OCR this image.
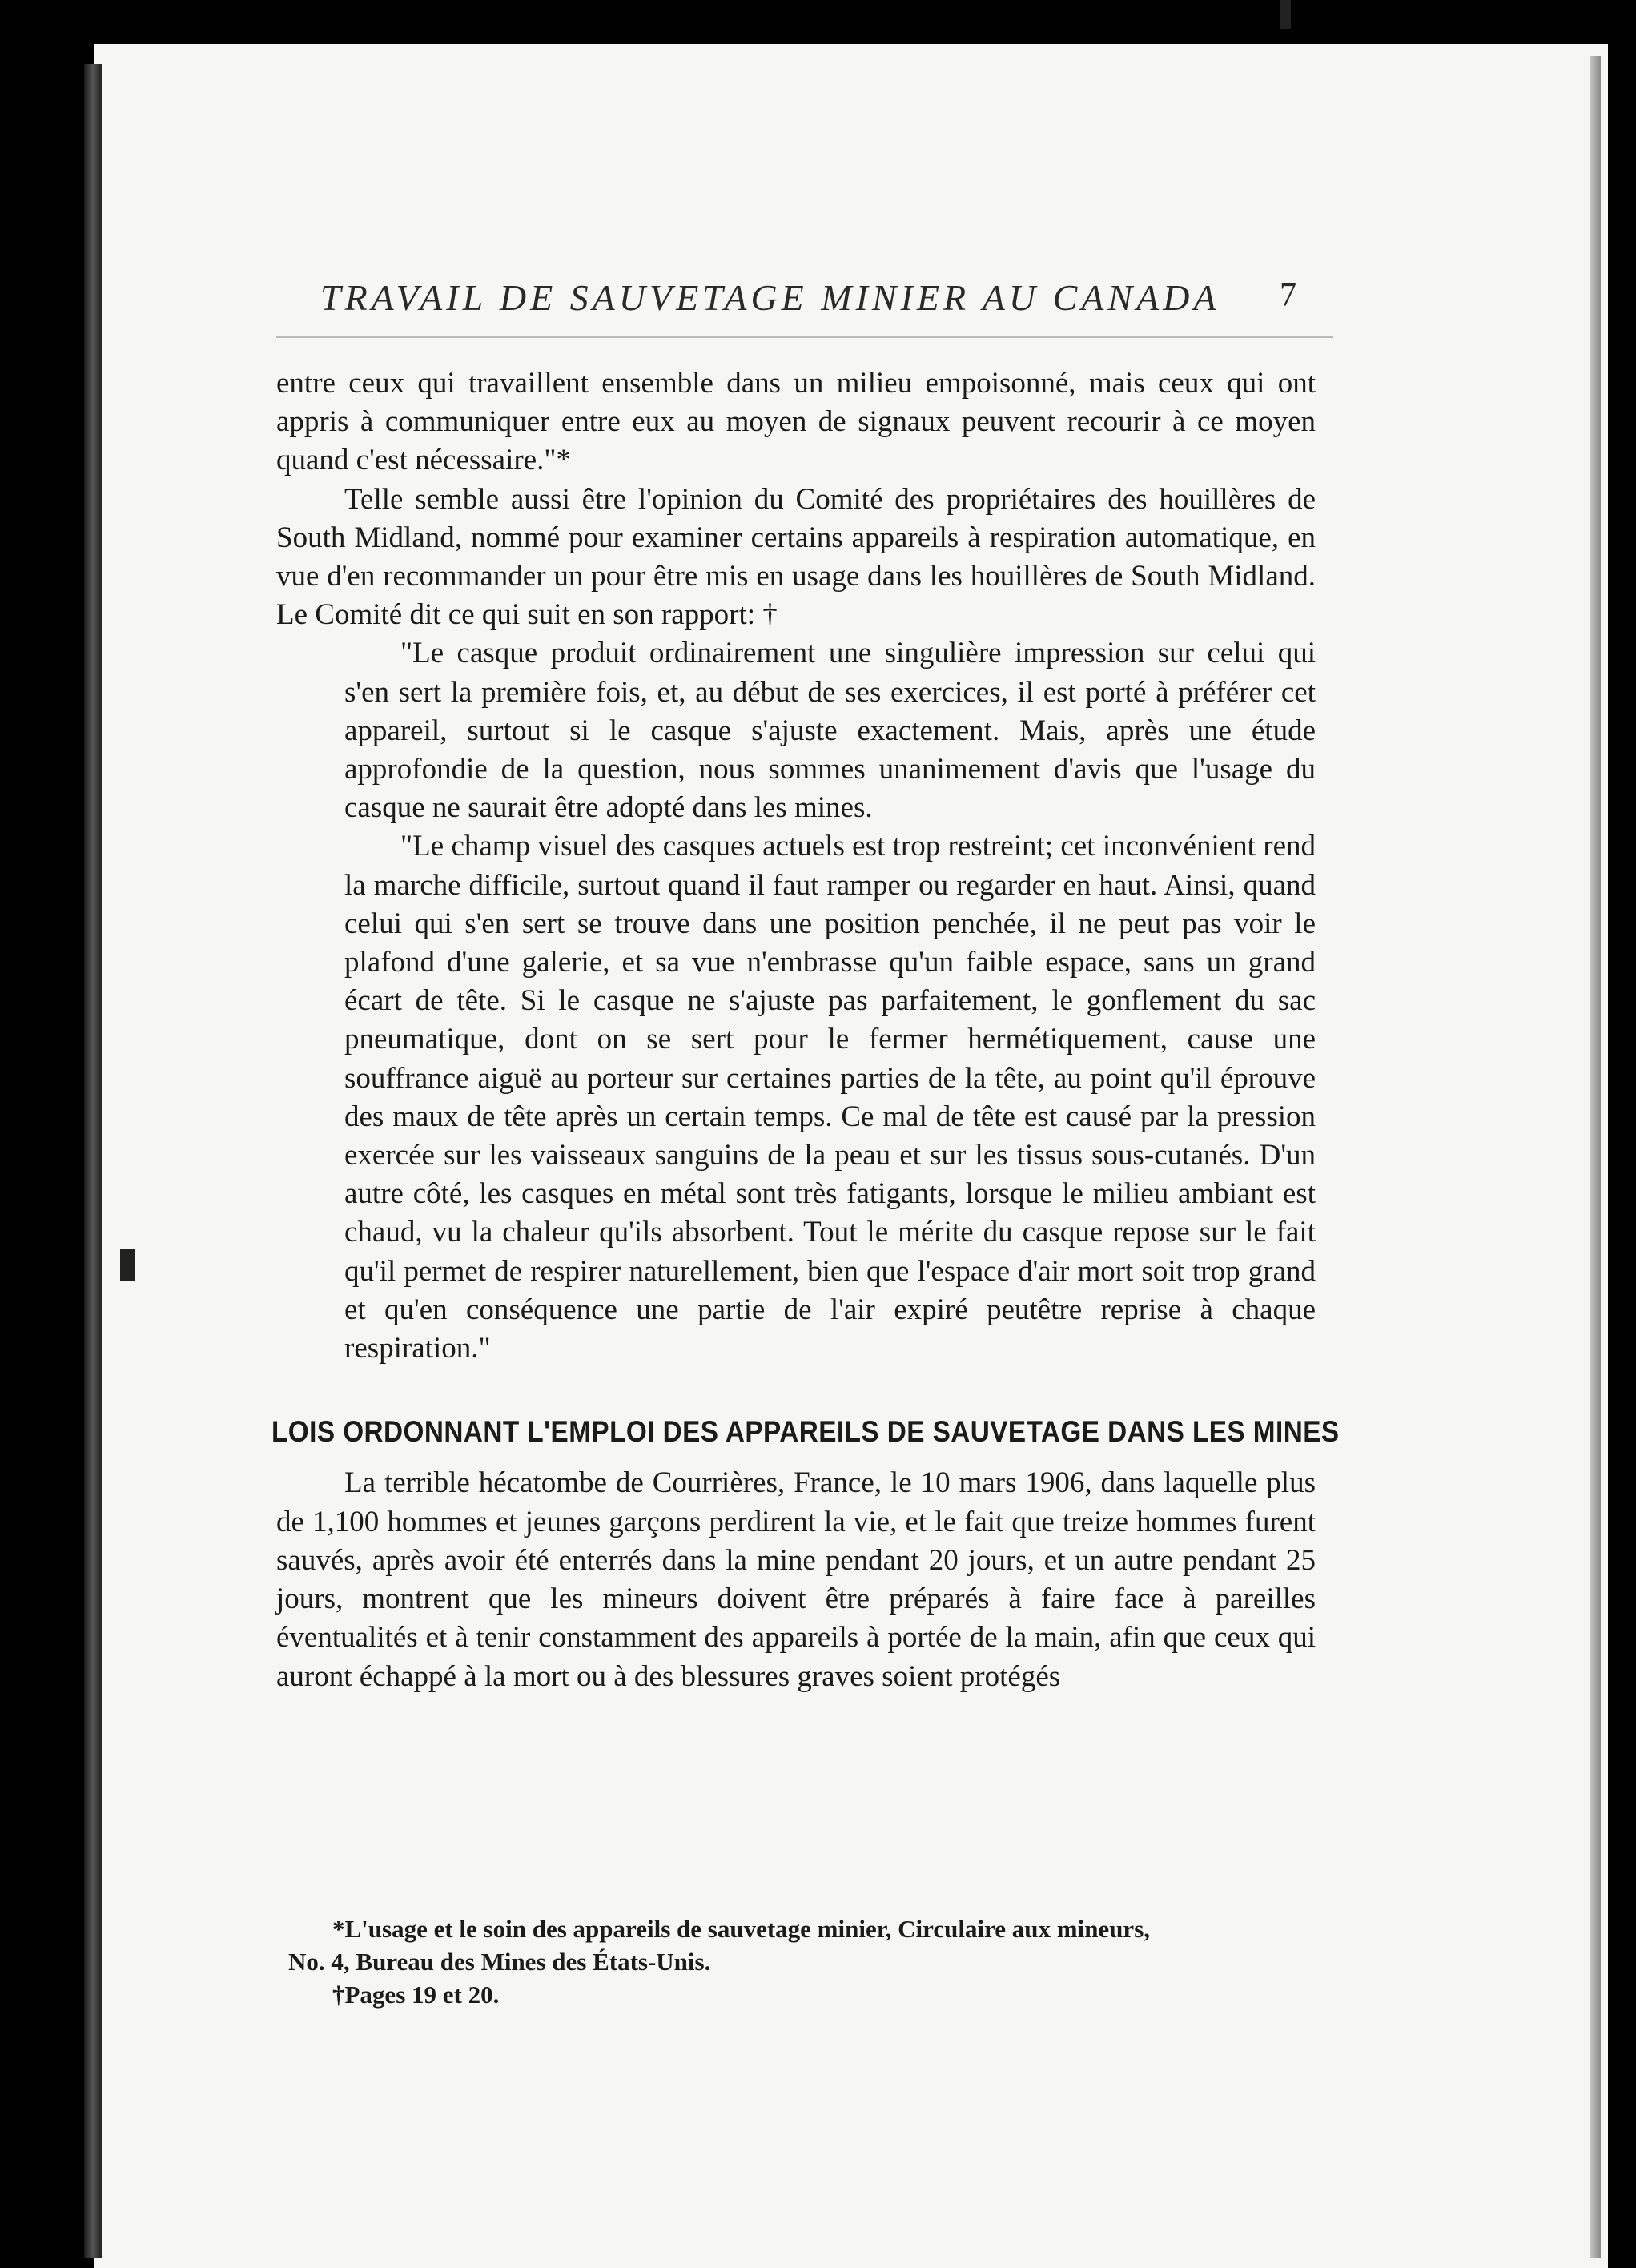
TRAVAIL DE SAUVETAGE MINIER AU CANADA	7

entre ceux qui travaillent ensemble dans un milieu empoisonné, mais ceux qui ont appris à communiquer entre eux au moyen de signaux peuvent recourir à ce moyen quand c'est nécessaire."*

Telle semble aussi être l'opinion du Comité des propriétaires des houillères de South Midland, nommé pour examiner certains appareils à respiration automatique, en vue d'en recommander un pour être mis en usage dans les houillères de South Midland. Le Comité dit ce qui suit en son rapport: †

"Le casque produit ordinairement une singulière impression sur celui qui s'en sert la première fois, et, au début de ses exercices, il est porté à préférer cet appareil, surtout si le casque s'ajuste exactement. Mais, après une étude approfondie de la question, nous sommes unanimement d'avis que l'usage du casque ne saurait être adopté dans les mines.

"Le champ visuel des casques actuels est trop restreint; cet inconvénient rend la marche difficile, surtout quand il faut ramper ou regarder en haut. Ainsi, quand celui qui s'en sert se trouve dans une position penchée, il ne peut pas voir le plafond d'une galerie, et sa vue n'embrasse qu'un faible espace, sans un grand écart de tête. Si le casque ne s'ajuste pas parfaitement, le gonflement du sac pneumatique, dont on se sert pour le fermer hermétiquement, cause une souffrance aiguë au porteur sur certaines parties de la tête, au point qu'il éprouve des maux de tête après un certain temps. Ce mal de tête est causé par la pression exercée sur les vaisseaux sanguins de la peau et sur les tissus sous-cutanés. D'un autre côté, les casques en métal sont très fatigants, lorsque le milieu ambiant est chaud, vu la chaleur qu'ils absorbent. Tout le mérite du casque repose sur le fait qu'il permet de respirer naturellement, bien que l'espace d'air mort soit trop grand et qu'en conséquence une partie de l'air expiré peutêtre reprise à chaque respiration."

LOIS ORDONNANT L'EMPLOI DES APPAREILS DE SAUVETAGE DANS LES MINES

La terrible hécatombe de Courrières, France, le 10 mars 1906, dans laquelle plus de 1,100 hommes et jeunes garçons perdirent la vie, et le fait que treize hommes furent sauvés, après avoir été enterrés dans la mine pendant 20 jours, et un autre pendant 25 jours, montrent que les mineurs doivent être préparés à faire face à pareilles éventualités et à tenir constamment des appareils à portée de la main, afin que ceux qui auront échappé à la mort ou à des blessures graves soient protégés

*L'usage et le soin des appareils de sauvetage minier, Circulaire aux mineurs,

No. 4, Bureau des Mines des États-Unis.

†Pages 19 et 20.
